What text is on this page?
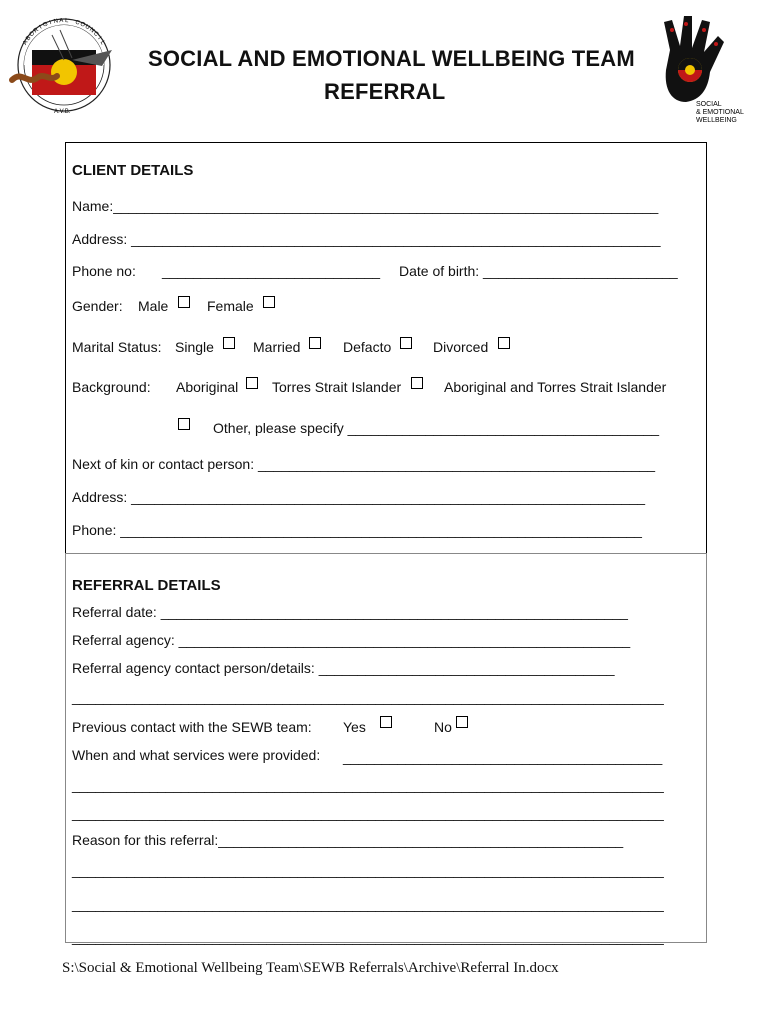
A
B
O
R
I G I N A L C
O
U
N
C
I
L
A.V.B.
SOCIAL AND EMOTIONAL WELLBEING TEAM
REFERRAL
SOCIAL
& EMOTIONAL
WELLBEING
CLIENT DETAILS
Name:______________________________________________________________________
Address: ____________________________________________________________________
Phone no: ____________________________ Date of birth: _________________________
Gender: Male	Female
Marital Status: Single	Married	Defacto	Divorced
Background: Aboriginal Torres Strait Islander	Aboriginal and Torres Strait Islander
Other, please specify ________________________________________
Next of kin or contact person: ___________________________________________________
Address: __________________________________________________________________
Phone: ___________________________________________________________________
REFERRAL DETAILS
Referral date: ____________________________________________________________
Referral agency: __________________________________________________________
Referral agency contact person/details: ______________________________________
____________________________________________________________________________
Previous contact with the SEWB team: Yes	No
When and what services were provided: _________________________________________
____________________________________________________________________________
____________________________________________________________________________
Reason for this referral:____________________________________________________
____________________________________________________________________________
____________________________________________________________________________
____________________________________________________________________________
S:\Social & Emotional Wellbeing Team\SEWB Referrals\Archive\Referral In.docx
